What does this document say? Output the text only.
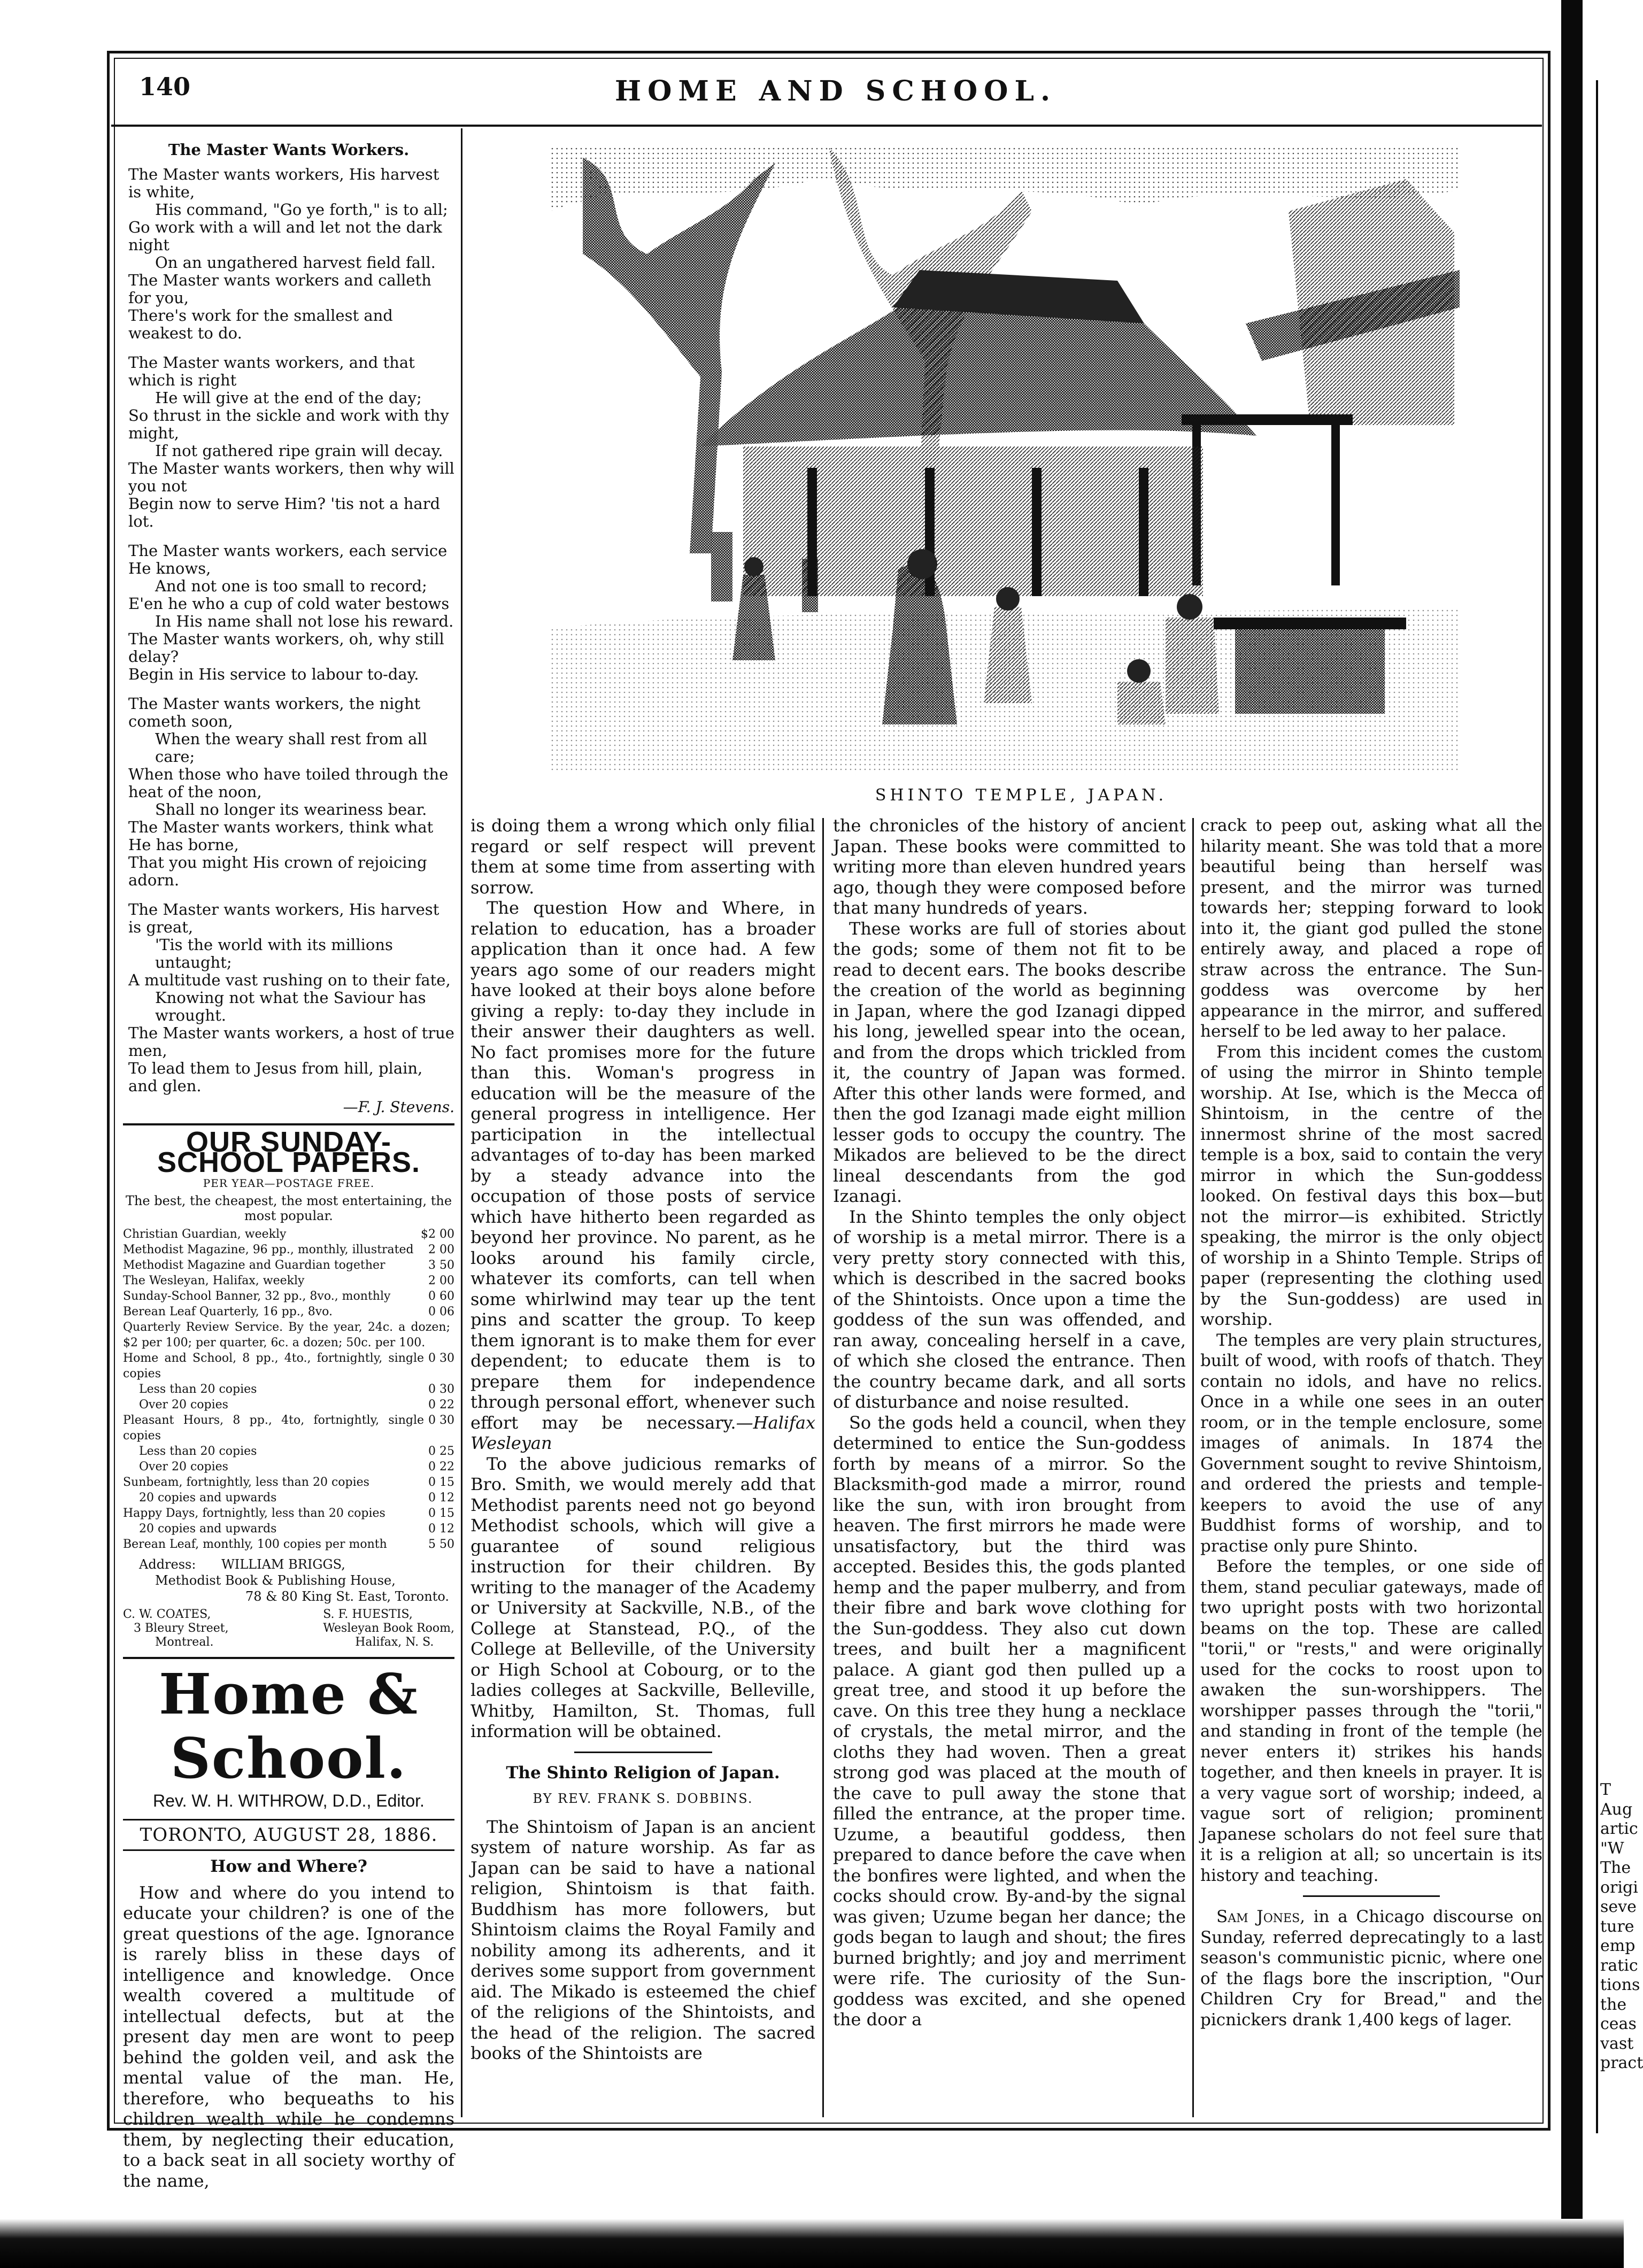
T
Aug
artic
"W
The
origi
seve
ture
emp
ratic
tions
the
ceas
vast
pract
140	HOME AND SCHOOL.
The Master Wants Workers.
The Master wants workers, His harvest is white,
His command, "Go ye forth," is to all;
Go work with a will and let not the dark night
On an ungathered harvest field fall.
The Master wants workers and calleth for you,
There's work for the smallest and weakest to do.
The Master wants workers, and that which is right
He will give at the end of the day;
So thrust in the sickle and work with thy might,
If not gathered ripe grain will decay.
The Master wants workers, then why will you not
Begin now to serve Him? 'tis not a hard lot.
The Master wants workers, each service He knows,
And not one is too small to record;
E'en he who a cup of cold water bestows
In His name shall not lose his reward.
The Master wants workers, oh, why still delay?
Begin in His service to labour to-day.
The Master wants workers, the night cometh soon,
When the weary shall rest from all care;
When those who have toiled through the heat of the noon,
Shall no longer its weariness bear.
The Master wants workers, think what He has borne,
That you might His crown of rejoicing adorn.
The Master wants workers, His harvest is great,
'Tis the world with its millions untaught;
A multitude vast rushing on to their fate,
Knowing not what the Saviour has wrought.
The Master wants workers, a host of true men,
To lead them to Jesus from hill, plain, and glen.
—F. J. Stevens.
OUR SUNDAY-SCHOOL PAPERS.
PER YEAR—POSTAGE FREE.
The best, the cheapest, the most entertaining, the most popular.
Christian Guardian, weekly	$2 00
Methodist Magazine, 96 pp., monthly, illustrated	2 00
Methodist Magazine and Guardian together	3 50
The Wesleyan, Halifax, weekly	2 00
Sunday-School Banner, 32 pp., 8vo., monthly	0 60
Berean Leaf Quarterly, 16 pp., 8vo.	0 06
Quarterly Review Service. By the year, 24c. a dozen; $2 per 100; per quarter, 6c. a dozen; 50c. per 100.
Home and School, 8 pp., 4to., fortnightly, single copies
0 30
Less than 20 copies	0 30
Over 20 copies	0 22
Pleasant Hours, 8 pp., 4to, fortnightly, single copies
0 30
Less than 20 copies	0 25
Over 20 copies	0 22
Sunbeam, fortnightly, less than 20 copies	0 15
20 copies and upwards	0 12
Happy Days, fortnightly, less than 20 copies	0 15
20 copies and upwards	0 12
Berean Leaf, monthly, 100 copies per month	5 50
Address: WILLIAM BRIGGS,
Methodist Book & Publishing House,
78 & 80 King St. East, Toronto.
C. W. COATES,
3 Bleury Street,
Montreal.
S. F. HUESTIS,
Wesleyan Book Room,
Halifax, N. S.
Home & School.
Rev. W. H. WITHROW, D.D., Editor.
TORONTO, AUGUST 28, 1886.
How and Where?

How and where do you intend to educate your children? is one of the great questions of the age. Ignorance is rarely bliss in these days of intelligence and knowledge. Once wealth covered a multitude of intellectual defects, but at the present day men are wont to peep behind the golden veil, and ask the mental value of the man. He, therefore, who bequeaths to his children wealth while he condemns them, by neglecting their education, to a back seat in all society worthy of the name,

SHINTO TEMPLE, JAPAN.

is doing them a wrong which only filial regard or self respect will prevent them at some time from asserting with sorrow.

The question How and Where, in relation to education, has a broader application than it once had. A few years ago some of our readers might have looked at their boys alone before giving a reply: to-day they include in their answer their daughters as well. No fact promises more for the future than this. Woman's progress in education will be the measure of the general progress in intelligence. Her participation in the intellectual advantages of to-day has been marked by a steady advance into the occupation of those posts of service which have hitherto been regarded as beyond her province. No parent, as he looks around his family circle, whatever its comforts, can tell when some whirlwind may tear up the tent pins and scatter the group. To keep them ignorant is to make them for ever dependent; to educate them is to prepare them for independence through personal effort, whenever such effort may be necessary.—Halifax Wesleyan

To the above judicious remarks of Bro. Smith, we would merely add that Methodist parents need not go beyond Methodist schools, which will give a guarantee of sound religious instruction for their children. By writing to the manager of the Academy or University at Sackville, N.B., of the College at Stanstead, P.Q., of the College at Belleville, of the University or High School at Cobourg, or to the ladies colleges at Sackville, Belleville, Whitby, Hamilton, St. Thomas, full information will be obtained.

The Shinto Religion of Japan.
BY REV. FRANK S. DOBBINS.

The Shintoism of Japan is an ancient system of nature worship. As far as Japan can be said to have a national religion, Shintoism is that faith. Buddhism has more followers, but Shintoism claims the Royal Family and nobility among its adherents, and it derives some support from government aid. The Mikado is esteemed the chief of the religions of the Shintoists, and the head of the religion. The sacred books of the Shintoists are

the chronicles of the history of ancient Japan. These books were committed to writing more than eleven hundred years ago, though they were composed before that many hundreds of years.

These works are full of stories about the gods; some of them not fit to be read to decent ears. The books describe the creation of the world as beginning in Japan, where the god Izanagi dipped his long, jewelled spear into the ocean, and from the drops which trickled from it, the country of Japan was formed. After this other lands were formed, and then the god Izanagi made eight million lesser gods to occupy the country. The Mikados are believed to be the direct lineal descendants from the god Izanagi.

In the Shinto temples the only object of worship is a metal mirror. There is a very pretty story connected with this, which is described in the sacred books of the Shintoists. Once upon a time the goddess of the sun was offended, and ran away, concealing herself in a cave, of which she closed the entrance. Then the country became dark, and all sorts of disturbance and noise resulted.

So the gods held a council, when they determined to entice the Sun-goddess forth by means of a mirror. So the Blacksmith-god made a mirror, round like the sun, with iron brought from heaven. The first mirrors he made were unsatisfactory, but the third was accepted. Besides this, the gods planted hemp and the paper mulberry, and from their fibre and bark wove clothing for the Sun-goddess. They also cut down trees, and built her a magnificent palace. A giant god then pulled up a great tree, and stood it up before the cave. On this tree they hung a necklace of crystals, the metal mirror, and the cloths they had woven. Then a great strong god was placed at the mouth of the cave to pull away the stone that filled the entrance, at the proper time. Uzume, a beautiful goddess, then prepared to dance before the cave when the bonfires were lighted, and when the cocks should crow. By-and-by the signal was given; Uzume began her dance; the gods began to laugh and shout; the fires burned brightly; and joy and merriment were rife. The curiosity of the Sun-goddess was excited, and she opened the door a

crack to peep out, asking what all the hilarity meant. She was told that a more beautiful being than herself was present, and the mirror was turned towards her; stepping forward to look into it, the giant god pulled the stone entirely away, and placed a rope of straw across the entrance. The Sun-goddess was overcome by her appearance in the mirror, and suffered herself to be led away to her palace.

From this incident comes the custom of using the mirror in Shinto temple worship. At Ise, which is the Mecca of Shintoism, in the centre of the innermost shrine of the most sacred temple is a box, said to contain the very mirror in which the Sun-goddess looked. On festival days this box—but not the mirror—is exhibited. Strictly speaking, the mirror is the only object of worship in a Shinto Temple. Strips of paper (representing the clothing used by the Sun-goddess) are used in worship.

The temples are very plain structures, built of wood, with roofs of thatch. They contain no idols, and have no relics. Once in a while one sees in an outer room, or in the temple enclosure, some images of animals. In 1874 the Government sought to revive Shintoism, and ordered the priests and temple-keepers to avoid the use of any Buddhist forms of worship, and to practise only pure Shinto.

Before the temples, or one side of them, stand peculiar gateways, made of two upright posts with two horizontal beams on the top. These are called "torii," or "rests," and were originally used for the cocks to roost upon to awaken the sun-worshippers. The worshipper passes through the "torii," and standing in front of the temple (he never enters it) strikes his hands together, and then kneels in prayer. It is a very vague sort of worship; indeed, a vague sort of religion; prominent Japanese scholars do not feel sure that it is a religion at all; so uncertain is its history and teaching.

Sam Jones, in a Chicago discourse on Sunday, referred deprecatingly to a last season's communistic picnic, where one of the flags bore the inscription, "Our Children Cry for Bread," and the picnickers drank 1,400 kegs of lager.
